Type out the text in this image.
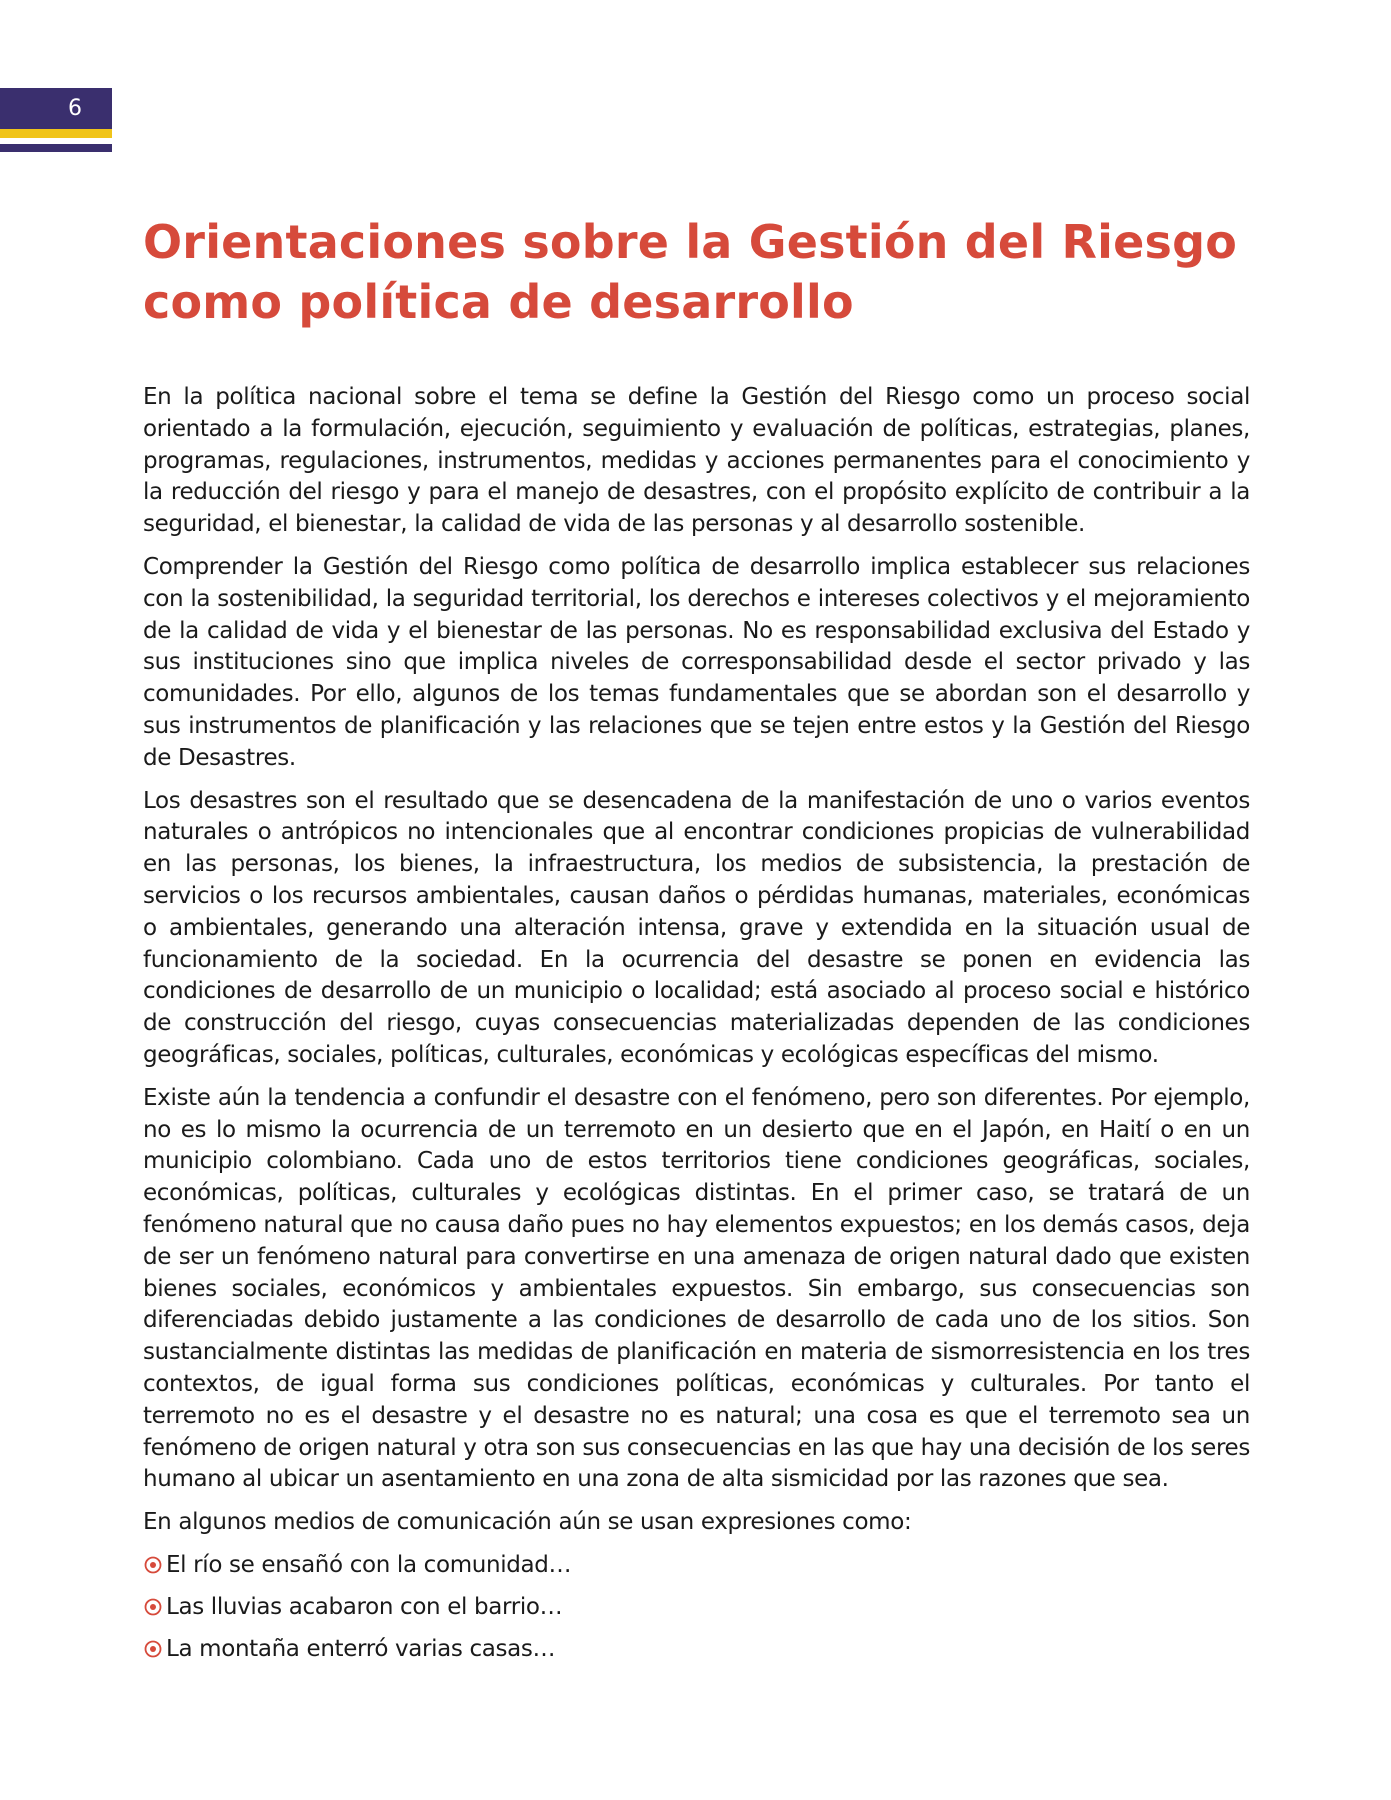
6
Orientaciones sobre la Gestión del Riesgo
como política de desarrollo

En la política nacional sobre el tema se define la Gestión del Riesgo como un proceso social orientado a la formulación, ejecución, seguimiento y evaluación de políticas, estrategias, planes, programas, regulaciones, instrumentos, medidas y acciones permanentes para el conocimiento y la reducción del riesgo y para el manejo de desastres, con el propósito explícito de contribuir a la seguridad, el bienestar, la calidad de vida de las personas y al desarrollo sostenible.

Comprender la Gestión del Riesgo como política de desarrollo implica establecer sus relaciones con la sostenibilidad, la seguridad territorial, los derechos e intereses colectivos y el mejoramiento de la calidad de vida y el bienestar de las personas. No es responsabilidad exclusiva del Estado y sus instituciones sino que implica niveles de corresponsabilidad desde el sector privado y las comunidades. Por ello, algunos de los temas fundamentales que se abordan son el desarrollo y sus instrumentos de planificación y las relaciones que se tejen entre estos y la Gestión del Riesgo de Desastres.

Los desastres son el resultado que se desencadena de la manifestación de uno o varios eventos naturales o antrópicos no intencionales que al encontrar condiciones propicias de vulnerabilidad en las personas, los bienes, la infraestructura, los medios de subsistencia, la prestación de servicios o los recursos ambientales, causan daños o pérdidas humanas, materiales, económicas o ambientales, generando una alteración intensa, grave y extendida en la situación usual de funcionamiento de la sociedad. En la ocurrencia del desastre se ponen en evidencia las condiciones de desarrollo de un municipio o localidad; está asociado al proceso social e histórico de construcción del riesgo, cuyas consecuencias materializadas dependen de las condiciones geográficas, sociales, políticas, culturales, económicas y ecológicas específicas del mismo.

Existe aún la tendencia a confundir el desastre con el fenómeno, pero son diferentes. Por ejemplo, no es lo mismo la ocurrencia de un terremoto en un desierto que en el Japón, en Haití o en un municipio colombiano. Cada uno de estos territorios tiene condiciones geográficas, sociales, económicas, políticas, culturales y ecológicas distintas. En el primer caso, se tratará de un fenómeno natural que no causa daño pues no hay elementos expuestos; en los demás casos, deja de ser un fenómeno natural para convertirse en una amenaza de origen natural dado que existen bienes sociales, económicos y ambientales expuestos. Sin embargo, sus consecuencias son diferenciadas debido justamente a las condiciones de desarrollo de cada uno de los sitios. Son sustancialmente distintas las medidas de planificación en materia de sismorresistencia en los tres contextos, de igual forma sus condiciones políticas, económicas y culturales. Por tanto el terremoto no es el desastre y el desastre no es natural; una cosa es que el terremoto sea un fenómeno de origen natural y otra son sus consecuencias en las que hay una decisión de los seres humano al ubicar un asentamiento en una zona de alta sismicidad por las razones que sea.

En algunos medios de comunicación aún se usan expresiones como:

El río se ensañó con la comunidad…
Las lluvias acabaron con el barrio…
La montaña enterró varias casas…
